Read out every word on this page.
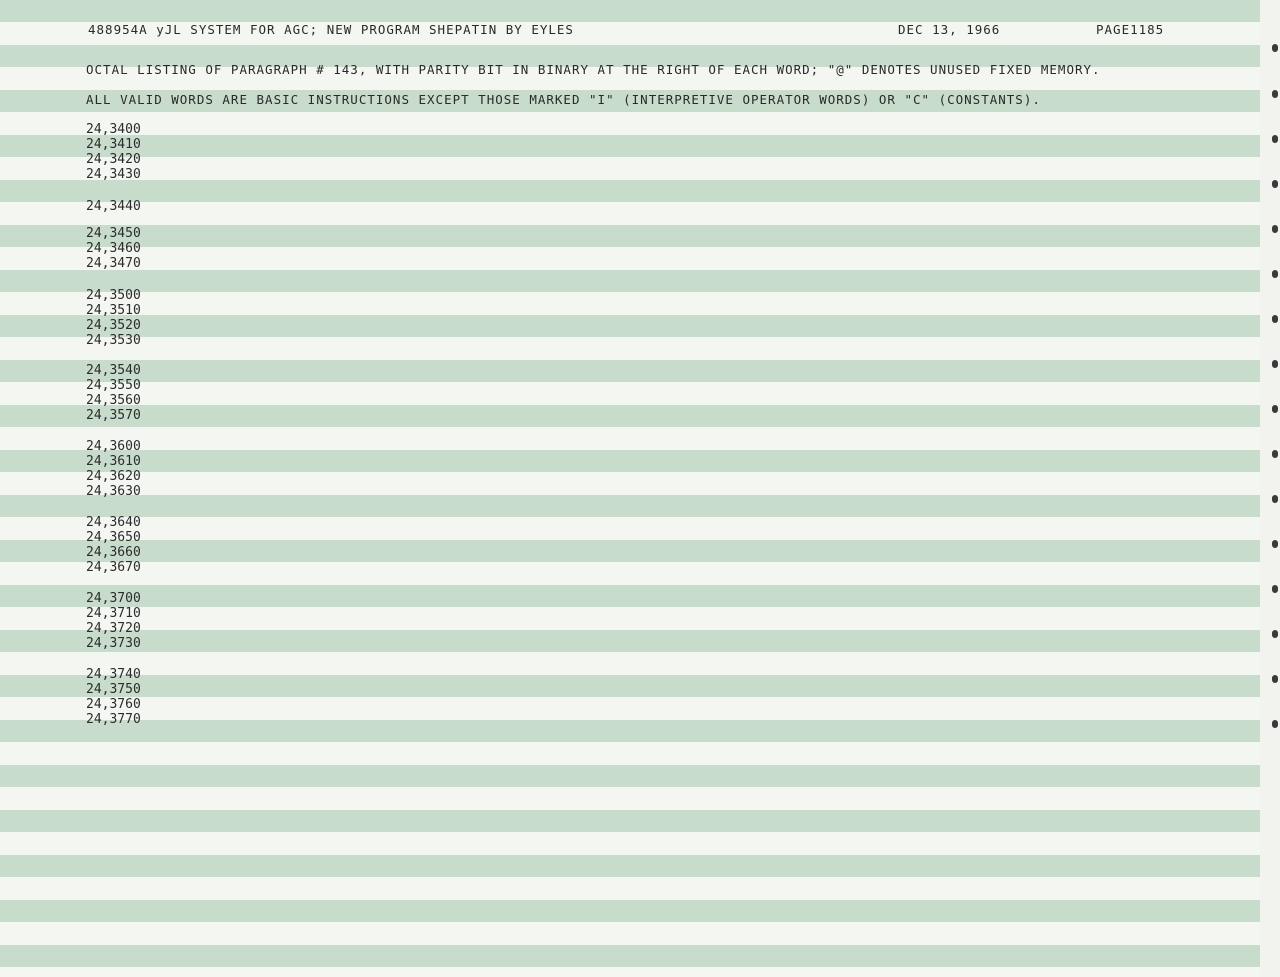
488954A yJL SYSTEM FOR AGC; NEW PROGRAM SHEPATIN BY EYLES	DEC 13, 1966	PAGE1185
OCTAL LISTING OF PARAGRAPH # 143, WITH PARITY BIT IN BINARY AT THE RIGHT OF EACH WORD; "@" DENOTES UNUSED FIXED MEMORY.
ALL VALID WORDS ARE BASIC INSTRUCTIONS EXCEPT THOSE MARKED "I" (INTERPRETIVE OPERATOR WORDS) OR "C" (CONSTANTS).
24,3400
24,3410
24,3420
24,3430
24,3440
24,3450
24,3460
24,3470
24,3500
24,3510
24,3520
24,3530
24,3540
24,3550
24,3560
24,3570
24,3600
24,3610
24,3620
24,3630
24,3640
24,3650
24,3660
24,3670
24,3700
24,3710
24,3720
24,3730
24,3740
24,3750
24,3760
24,3770
